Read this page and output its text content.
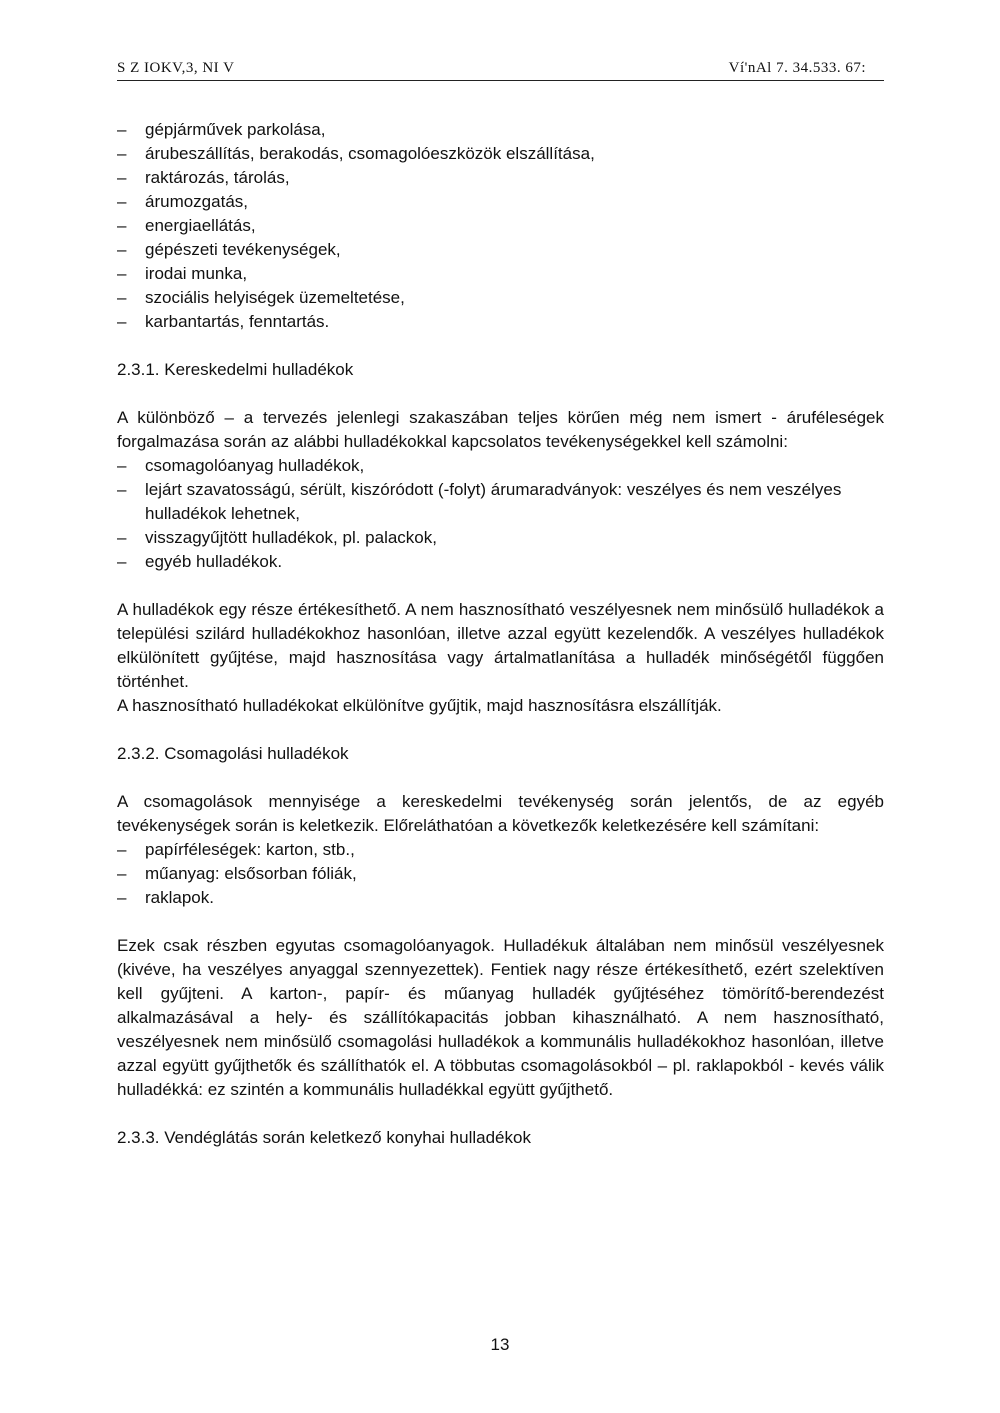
S Z IOKV,3, NI V	Ví'nAl 7. 34.533. 67:
– gépjárművek parkolása,
– árubeszállítás, berakodás, csomagolóeszközök elszállítása,
– raktározás, tárolás,
– árumozgatás,
– energiaellátás,
– gépészeti tevékenységek,
– irodai munka,
– szociális helyiségek üzemeltetése,
– karbantartás, fenntartás.
2.3.1. Kereskedelmi hulladékok

A különböző – a tervezés jelenlegi szakaszában teljes körűen még nem ismert - áruféleségek forgalmazása során az alábbi hulladékokkal kapcsolatos tevékenységekkel kell számolni:

– csomagolóanyag hulladékok,
– lejárt szavatosságú, sérült, kiszóródott (-folyt) árumaradványok: veszélyes és nem veszélyes hulladékok lehetnek,
– visszagyűjtött hulladékok, pl. palackok,
– egyéb hulladékok.

A hulladékok egy része értékesíthető. A nem hasznosítható veszélyesnek nem minősülő hulladékok a települési szilárd hulladékokhoz hasonlóan, illetve azzal együtt kezelendők. A veszélyes hulladékok elkülönített gyűjtése, majd hasznosítása vagy ártalmatlanítása a hulladék minőségétől függően történhet.

A hasznosítható hulladékokat elkülönítve gyűjtik, majd hasznosításra elszállítják.

2.3.2. Csomagolási hulladékok

A csomagolások mennyisége a kereskedelmi tevékenység során jelentős, de az egyéb tevékenységek során is keletkezik. Előreláthatóan a következők keletkezésére kell számítani:

– papírféleségek: karton, stb.,
– műanyag: elsősorban fóliák,
– raklapok.

Ezek csak részben egyutas csomagolóanyagok. Hulladékuk általában nem minősül veszélyesnek (kivéve, ha veszélyes anyaggal szennyezettek). Fentiek nagy része értékesíthető, ezért szelektíven kell gyűjteni. A karton-, papír- és műanyag hulladék gyűjtéséhez tömörítő-berendezést alkalmazásával a hely- és szállítókapacitás jobban kihasználható. A nem hasznosítható, veszélyesnek nem minősülő csomagolási hulladékok a kommunális hulladékokhoz hasonlóan, illetve azzal együtt gyűjthetők és szállíthatók el. A többutas csomagolásokból – pl. raklapokból - kevés válik hulladékká: ez szintén a kommunális hulladékkal együtt gyűjthető.

2.3.3. Vendéglátás során keletkező konyhai hulladékok
13
